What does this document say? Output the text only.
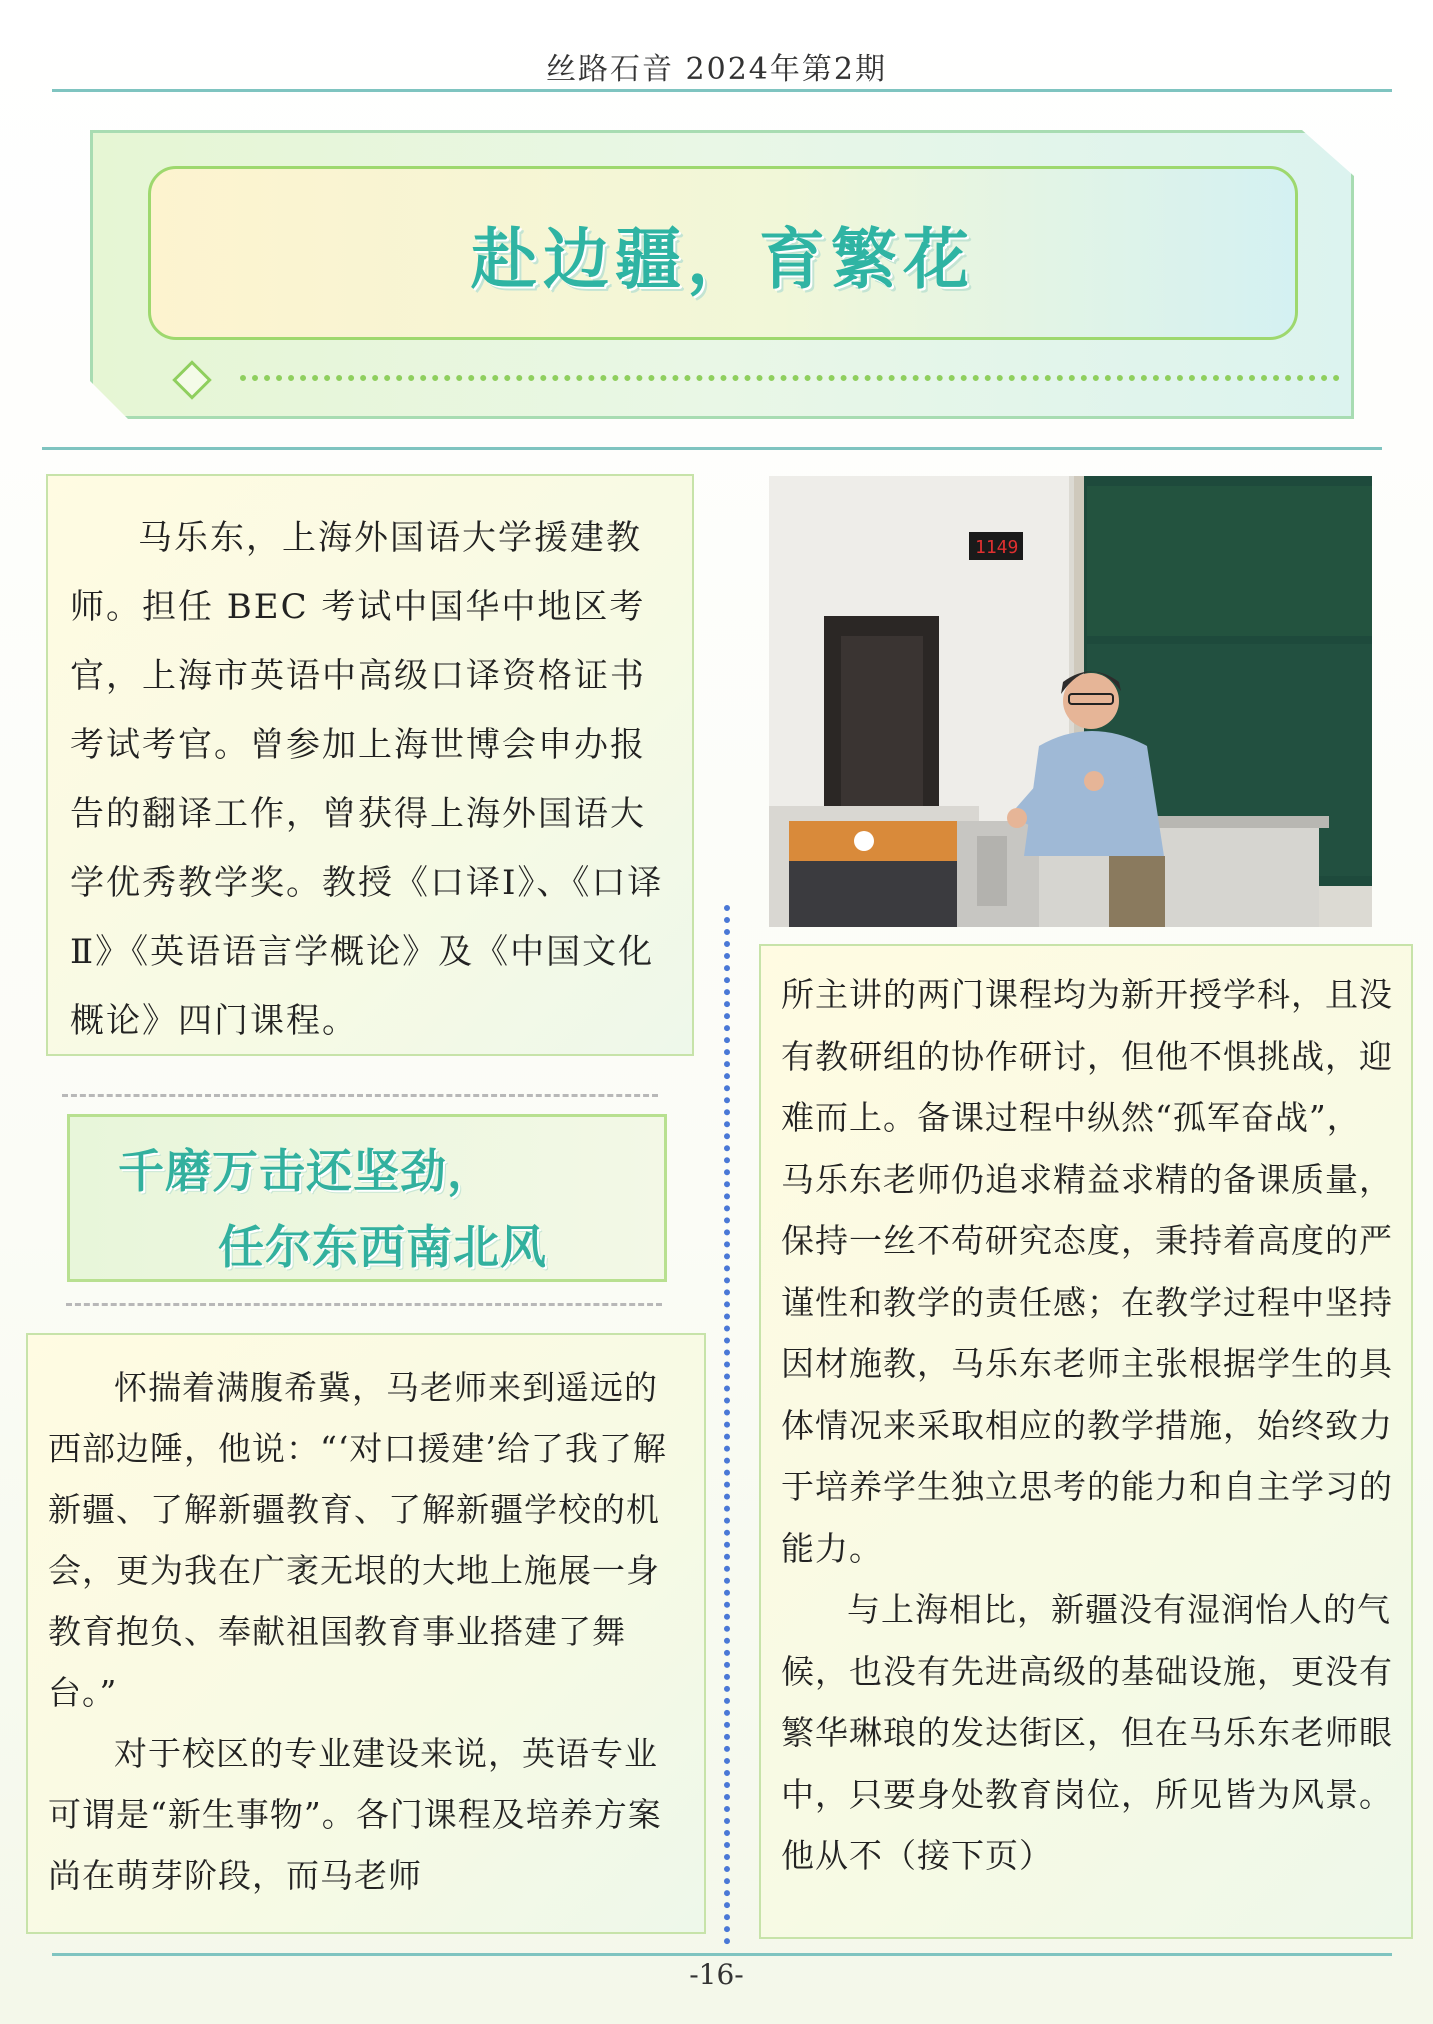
丝路石音 2024年第2期
赴边疆，育繁花

马乐东，上海外国语大学援建教师。担任 BEC 考试中国华中地区考官，上海市英语中高级口译资格证书考试考官。曾参加上海世博会申办报告的翻译工作，曾获得上海外国语大学优秀教学奖。教授《口译Ⅰ》、《口译Ⅱ》《英语语言学概论》及《中国文化概论》四门课程。

1149
千磨万击还坚劲，
任尔东西南北风

怀揣着满腹希冀，马老师来到遥远的西部边陲，他说：“‘对口援建’给了我了解新疆、了解新疆教育、了解新疆学校的机会，更为我在广袤无垠的大地上施展一身教育抱负、奉献祖国教育事业搭建了舞台。”

对于校区的专业建设来说，英语专业可谓是“新生事物”。各门课程及培养方案尚在萌芽阶段，而马老师

所主讲的两门课程均为新开授学科，且没有教研组的协作研讨，但他不惧挑战，迎难而上。备课过程中纵然“孤军奋战”，马乐东老师仍追求精益求精的备课质量，保持一丝不苟研究态度，秉持着高度的严谨性和教学的责任感；在教学过程中坚持因材施教，马乐东老师主张根据学生的具体情况来采取相应的教学措施，始终致力于培养学生独立思考的能力和自主学习的能力。

与上海相比，新疆没有湿润怡人的气候，也没有先进高级的基础设施，更没有繁华琳琅的发达街区，但在马乐东老师眼中，只要身处教育岗位，所见皆为风景。他从不（接下页）

-16-
